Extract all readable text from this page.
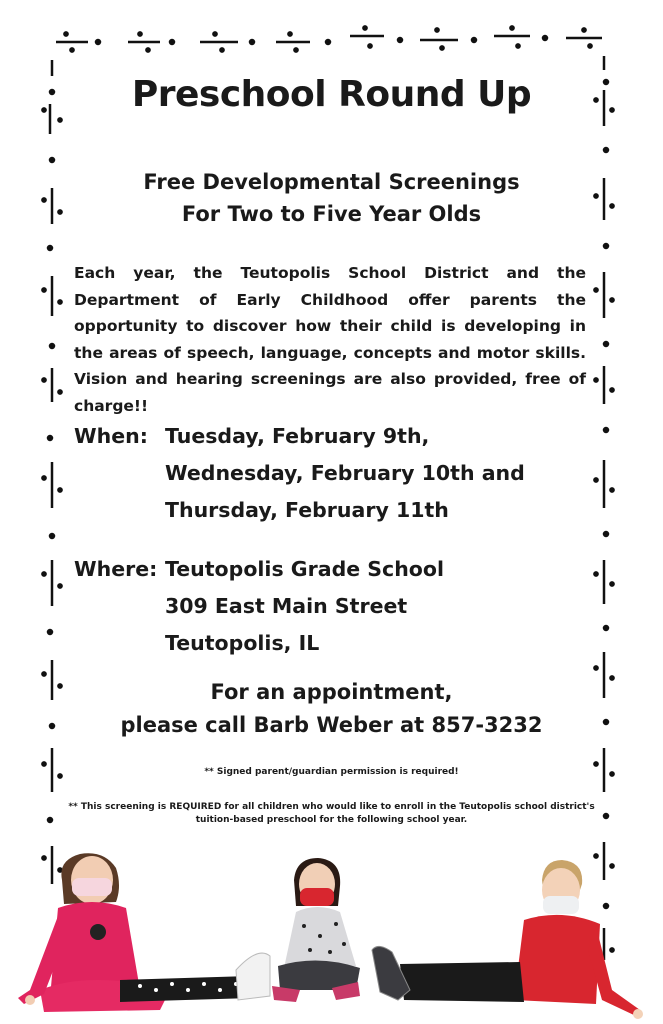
Preschool Round Up
Free Developmental Screenings
For Two to Five Year Olds
Each year, the Teutopolis School District and the Department of Early Childhood offer parents the opportunity to discover how their child is developing in the areas of speech, language, concepts and motor skills. Vision and hearing screenings are also provided, free of charge!!
When: Tuesday, February 9th,
Wednesday, February 10th and
Thursday, February 11th
Where: Teutopolis Grade School
309 East Main Street
Teutopolis, IL
For an appointment,
please call Barb Weber at 857-3232
** Signed parent/guardian permission is required!
** This screening is REQUIRED for all children who would like to enroll in the Teutopolis school district's
tuition-based preschool for the following school year.
